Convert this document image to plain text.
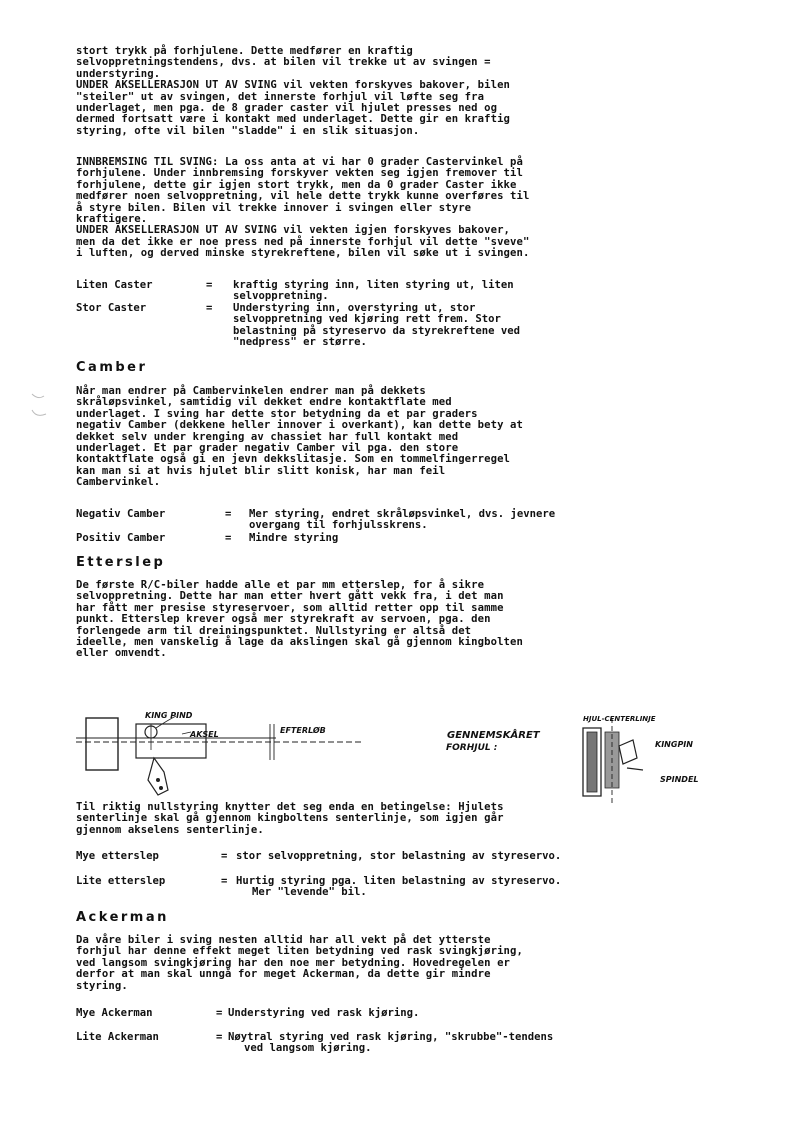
stort trykk på forhjulene. Dette medfører en kraftig
selvoppretningstendens, dvs. at bilen vil trekke ut av svingen =
understyring.
UNDER AKSELLERASJON UT AV SVING vil vekten forskyves bakover, bilen
"steiler" ut av svingen, det innerste forhjul vil løfte seg fra
underlaget, men pga. de 8 grader caster vil hjulet presses ned og
dermed fortsatt være i kontakt med underlaget. Dette gir en kraftig
styring, ofte vil bilen "sladde" i en slik situasjon.
INNBREMSING TIL SVING: La oss anta at vi har 0 grader Castervinkel på
forhjulene. Under innbremsing forskyver vekten seg igjen fremover til
forhjulene, dette gir igjen stort trykk, men da 0 grader Caster ikke
medfører noen selvoppretning, vil hele dette trykk kunne overføres til
å styre bilen. Bilen vil trekke innover i svingen eller styre
kraftigere.
UNDER AKSELLERASJON UT AV SVING vil vekten igjen forskyves bakover,
men da det ikke er noe press ned på innerste forhjul vil dette "sveve"
i luften, og derved minske styrekreftene, bilen vil søke ut i svingen.
Liten Caster	= kraftig styring inn, liten styring ut, liten
selvoppretning.
Stor Caster	= Understyring inn, overstyring ut, stor
selvoppretning ved kjøring rett frem. Stor
belastning på styreservo da styrekreftene ved
"nedpress" er større.
Camber
Når man endrer på Cambervinkelen endrer man på dekkets
skråløpsvinkel, samtidig vil dekket endre kontaktflate med
underlaget. I sving har dette stor betydning da et par graders
negativ Camber (dekkene heller innover i overkant), kan dette bety at
dekket selv under krenging av chassiet har full kontakt med
underlaget. Et par grader negativ Camber vil pga. den store
kontaktflate også gi en jevn dekkslitasje. Som en tommelfingerregel
kan man si at hvis hjulet blir slitt konisk, har man feil
Cambervinkel.
Negativ Camber	= Mer styring, endret skråløpsvinkel, dvs. jevnere
overgang til forhjulsskrens.
Positiv Camber	= Mindre styring
Etterslep
De første R/C-biler hadde alle et par mm etterslep, for å sikre
selvoppretning. Dette har man etter hvert gått vekk fra, i det man
har fått mer presise styreservoer, som alltid retter opp til samme
punkt. Etterslep krever også mer styrekraft av servoen, pga. den
forlengede arm til dreiningspunktet. Nullstyring er altså det
ideelle, men vanskelig å lage da akslingen skal gå gjennom kingbolten
eller omvendt.
KING PIND
AKSEL	EFTERLØB	GENNEMSKÅRET
FORHJUL :
HJUL-CENTERLINJE
KINGPIN
SPINDEL
Til riktig nullstyring knytter det seg enda en betingelse: Hjulets
senterlinje skal gå gjennom kingboltens senterlinje, som igjen går
gjennom akselens senterlinje.
Mye etterslep	= stor selvoppretning, stor belastning av styreservo.
Lite etterslep	= Hurtig styring pga. liten belastning av styreservo.
Mer "levende" bil.
Ackerman
Da våre biler i sving nesten alltid har all vekt på det ytterste
forhjul har denne effekt meget liten betydning ved rask svingkjøring,
ved langsom svingkjøring har den noe mer betydning. Hovedregelen er
derfor at man skal unngå for meget Ackerman, da dette gir mindre
styring.
Mye Ackerman	= Understyring ved rask kjøring.
Lite Ackerman	= Nøytral styring ved rask kjøring, "skrubbe"-tendens
ved langsom kjøring.
